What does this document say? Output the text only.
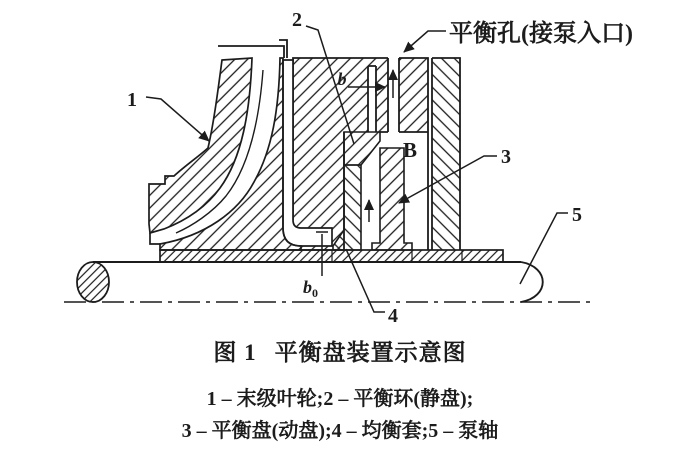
平衡孔(接泵入口)
1
2
3
4
5
b
$b_0$
B
图 1 平衡盘装置示意图
1 – 末级叶轮;2 – 平衡环(静盘);
3 – 平衡盘(动盘);4 – 均衡套;5 – 泵轴
